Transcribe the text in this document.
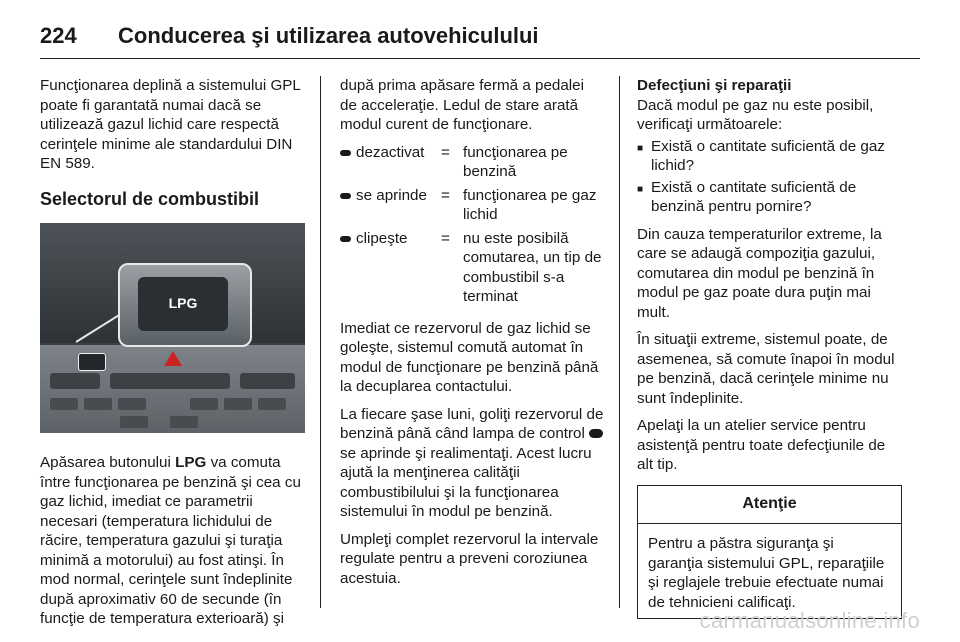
224	Conducerea şi utilizarea autovehiculului

Funcţionarea deplină a sistemului GPL poate fi garantată numai dacă se utilizează gazul lichid care respectă cerinţele minime ale standardului DIN EN 589.

Selectorul de combustibil
LPG

Apăsarea butonului LPG va comuta între funcţionarea pe benzină şi cea cu gaz lichid, imediat ce parametrii necesari (temperatura lichidului de răcire, temperatura gazului şi turaţia minimă a motorului) au fost atinşi. În mod normal, cerinţele sunt îndeplinite după aproximativ 60 de secunde (în funcţie de temperatura exterioară) şi

după prima apăsare fermă a pedalei de acceleraţie. Ledul de stare arată modul curent de funcţionare.

dezactivat	= funcţionarea pe benzină
se aprinde = funcţionarea pe gaz lichid
clipeşte	= nu este posibilă comutarea, un tip de combustibil s-a terminat

Imediat ce rezervorul de gaz lichid se goleşte, sistemul comută automat în modul de funcţionare pe benzină până la decuplarea contactului.

La fiecare şase luni, goliţi rezervorul de benzină până când lampa de control  se aprinde şi realimentaţi. Acest lucru ajută la menţinerea calităţii combustibilului şi la funcţionarea sistemului în modul pe benzină.

Umpleţi complet rezervorul la intervale regulate pentru a preveni coroziunea acestuia.

Defecţiuni şi reparaţii

Dacă modul pe gaz nu este posibil, verificaţi următoarele:

■ Există o cantitate suficientă de gaz lichid?
■ Există o cantitate suficientă de benzină pentru pornire?

Din cauza temperaturilor extreme, la care se adaugă compoziţia gazului, comutarea din modul pe benzină în modul pe gaz poate dura puţin mai mult.

În situaţii extreme, sistemul poate, de asemenea, să comute înapoi în modul pe benzină, dacă cerinţele minime nu sunt îndeplinite.

Apelaţi la un atelier service pentru asistenţă pentru toate defecţiunile de alt tip.

Atenţie
Pentru a păstra siguranţa şi garanţia sistemului GPL, reparaţiile şi reglajele trebuie efectuate numai de tehnicieni calificaţi.
carmanualsonline.info
